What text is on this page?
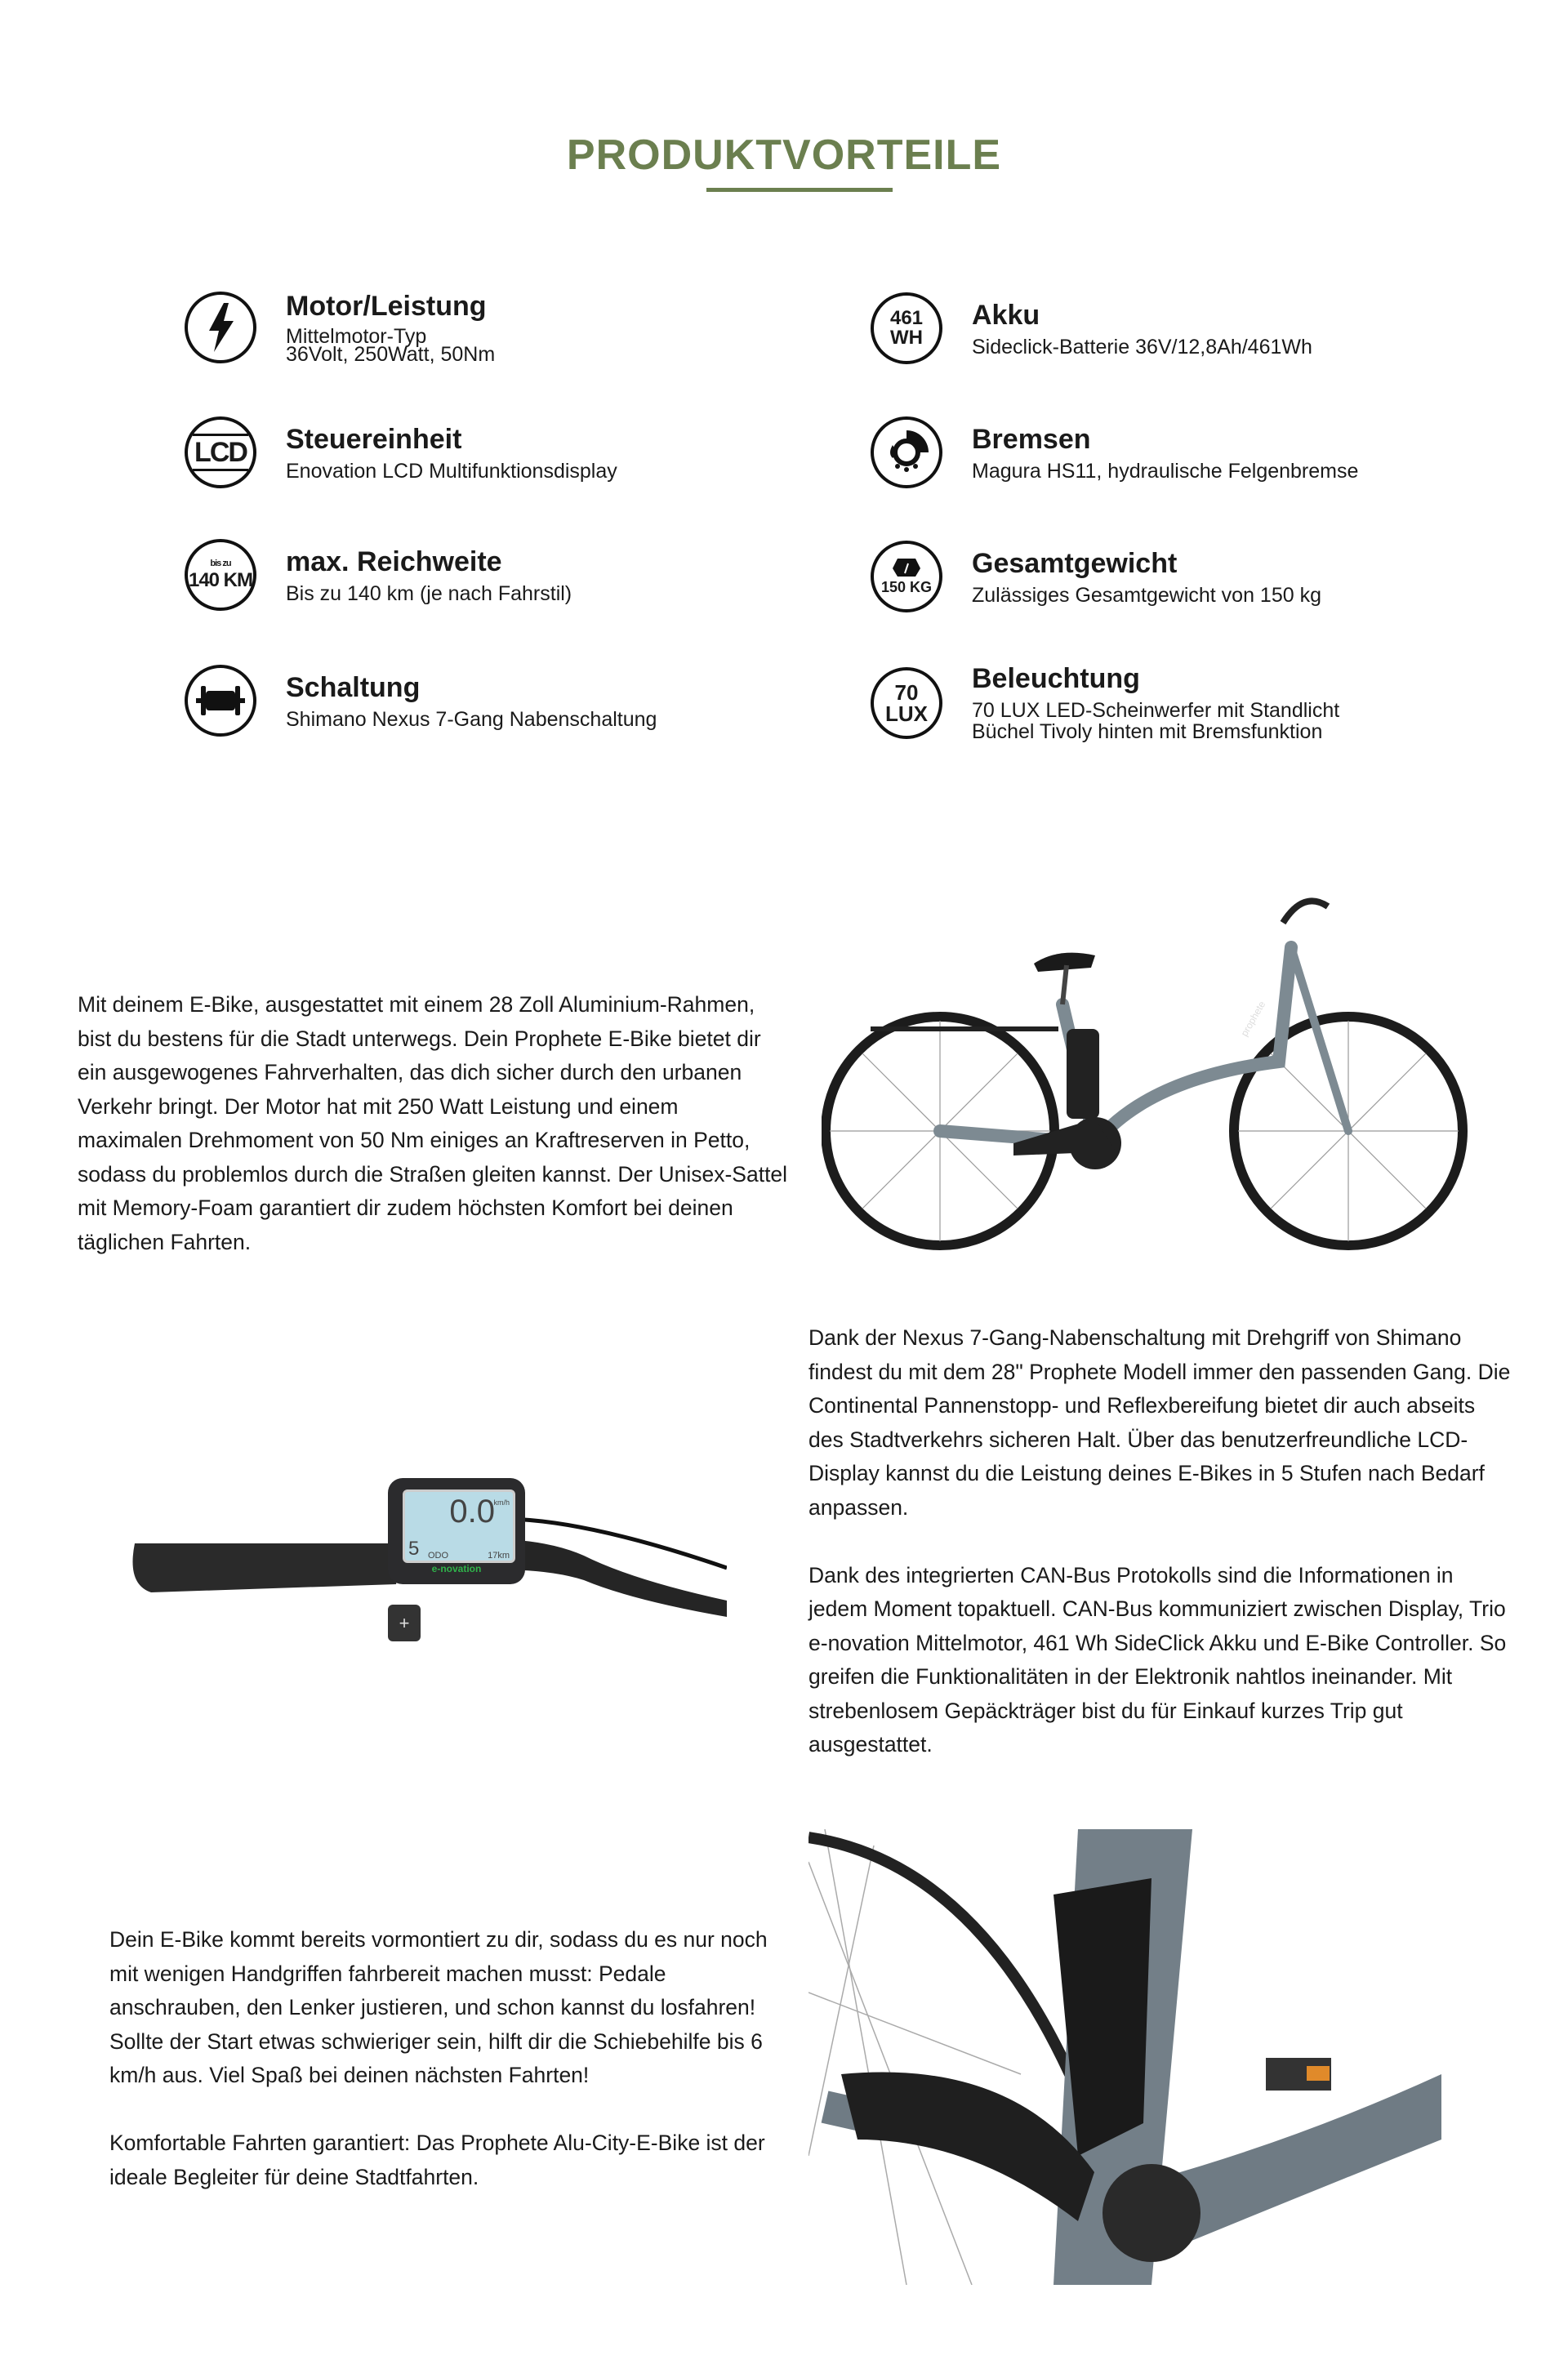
PRODUKTVORTEILE
Motor/Leistung

Mittelmotor-Typ
36Volt, 250Watt, 50Nm

461
WH
Akku

Sideclick-Batterie 36V/12,8Ah/461Wh

LCD Steuereinheit

Enovation LCD Multifunktionsdisplay

Bremsen

Magura HS11, hydraulische Felgenbremse

bis zu
140 KM
max. Reichweite

Bis zu 140 km (je nach Fahrstil)	150 KG
Gesamtgewicht

Zulässiges Gesamtgewicht von 150 kg

Schaltung

Shimano Nexus 7-Gang Nabenschaltung

70
LUX
Beleuchtung

70 LUX LED-Scheinwerfer mit Standlicht
Büchel Tivoly hinten mit Bremsfunktion

Mit deinem E-Bike, ausgestattet mit einem 28 Zoll Aluminium-Rahmen, bist du bestens für die Stadt unterwegs. Dein Prophete E-Bike bietet dir ein ausgewogenes Fahrverhalten, das dich sicher durch den urbanen Verkehr bringt. Der Motor hat mit 250 Watt Leistung und einem maximalen Drehmoment von 50 Nm einiges an Kraftreserven in Petto, sodass du problemlos durch die Straßen gleiten kannst. Der Unisex-Sattel mit Memory-Foam garantiert dir zudem höchsten Komfort bei deinen täglichen Fahrten.

prophete

Dank der Nexus 7-Gang-Nabenschaltung mit Drehgriff von Shimano findest du mit dem 28" Prophete Modell immer den passenden Gang. Die Continental Pannenstopp- und Reflexbereifung bietet dir auch abseits des Stadtverkehrs sicheren Halt. Über das benutzerfreundliche LCD-Display kannst du die Leistung deines E-Bikes in 5 Stufen nach Bedarf anpassen.

Dank des integrierten CAN-Bus Protokolls sind die Informationen in jedem Moment topaktuell. CAN-Bus kommuniziert zwischen Display, Trio e-novation Mittelmotor, 461 Wh SideClick Akku und E-Bike Controller. So greifen die Funktionalitäten in der Elektronik nahtlos ineinander. Mit strebenlosem Gepäckträger bist du für Einkauf kurzes Trip gut ausgestattet.

+
0.0
km/h
5 ODO	17km
e-novation

Dein E-Bike kommt bereits vormontiert zu dir, sodass du es nur noch mit wenigen Handgriffen fahrbereit machen musst: Pedale anschrauben, den Lenker justieren, und schon kannst du losfahren! Sollte der Start etwas schwieriger sein, hilft dir die Schiebehilfe bis 6 km/h aus. Viel Spaß bei deinen nächsten Fahrten!

Komfortable Fahrten garantiert: Das Prophete Alu-City-E-Bike ist der ideale Begleiter für deine Stadtfahrten.
